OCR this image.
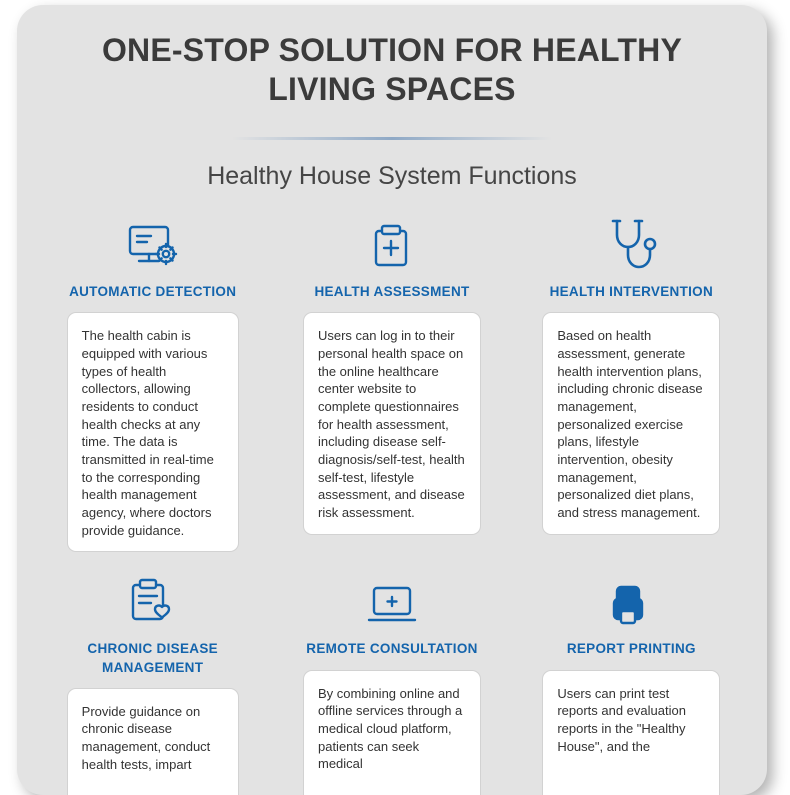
ONE-STOP SOLUTION FOR HEALTHY LIVING SPACES
Healthy House System Functions
AUTOMATIC DETECTION
The health cabin is equipped with various types of health collectors, allowing residents to conduct health checks at any time. The data is transmitted in real-time to the corresponding health management agency, where doctors provide guidance.
HEALTH ASSESSMENT
Users can log in to their personal health space on the online healthcare center website to complete questionnaires for health assessment, including disease self-diagnosis/self-test, health self-test, lifestyle assessment, and disease risk assessment.
HEALTH INTERVENTION
Based on health assessment, generate health intervention plans, including chronic disease management, personalized exercise plans, lifestyle intervention, obesity management, personalized diet plans, and stress management.
CHRONIC DISEASE MANAGEMENT
Provide guidance on chronic disease management, conduct health tests, impart
REMOTE CONSULTATION
By combining online and offline services through a medical cloud platform, patients can seek medical
REPORT PRINTING
Users can print test reports and evaluation reports in the "Healthy House", and the
